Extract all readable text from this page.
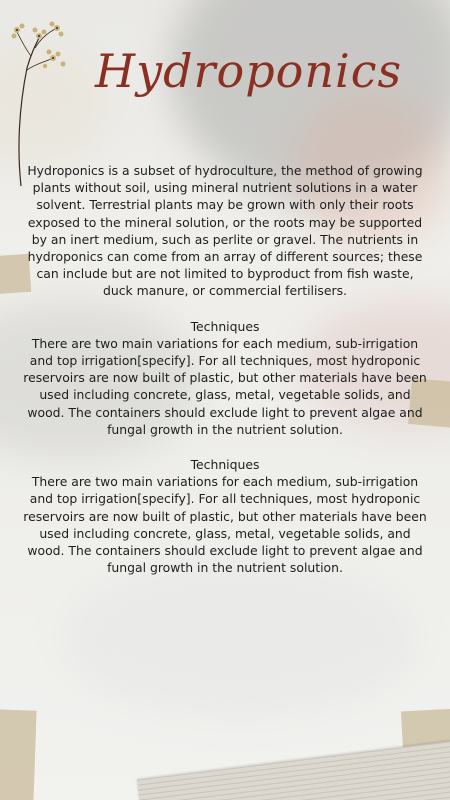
Hydroponics

Hydroponics is a subset of hydroculture, the method of growing plants without soil, using mineral nutrient solutions in a water solvent. Terrestrial plants may be grown with only their roots exposed to the mineral solution, or the roots may be supported by an inert medium, such as perlite or gravel. The nutrients in hydroponics can come from an array of different sources; these can include but are not limited to byproduct from fish waste, duck manure, or commercial fertilisers.

Techniques

There are two main variations for each medium, sub-irrigation and top irrigation[specify]. For all techniques, most hydroponic reservoirs are now built of plastic, but other materials have been used including concrete, glass, metal, vegetable solids, and wood. The containers should exclude light to prevent algae and fungal growth in the nutrient solution.

Techniques

There are two main variations for each medium, sub-irrigation and top irrigation[specify]. For all techniques, most hydroponic reservoirs are now built of plastic, but other materials have been used including concrete, glass, metal, vegetable solids, and wood. The containers should exclude light to prevent algae and fungal growth in the nutrient solution.
